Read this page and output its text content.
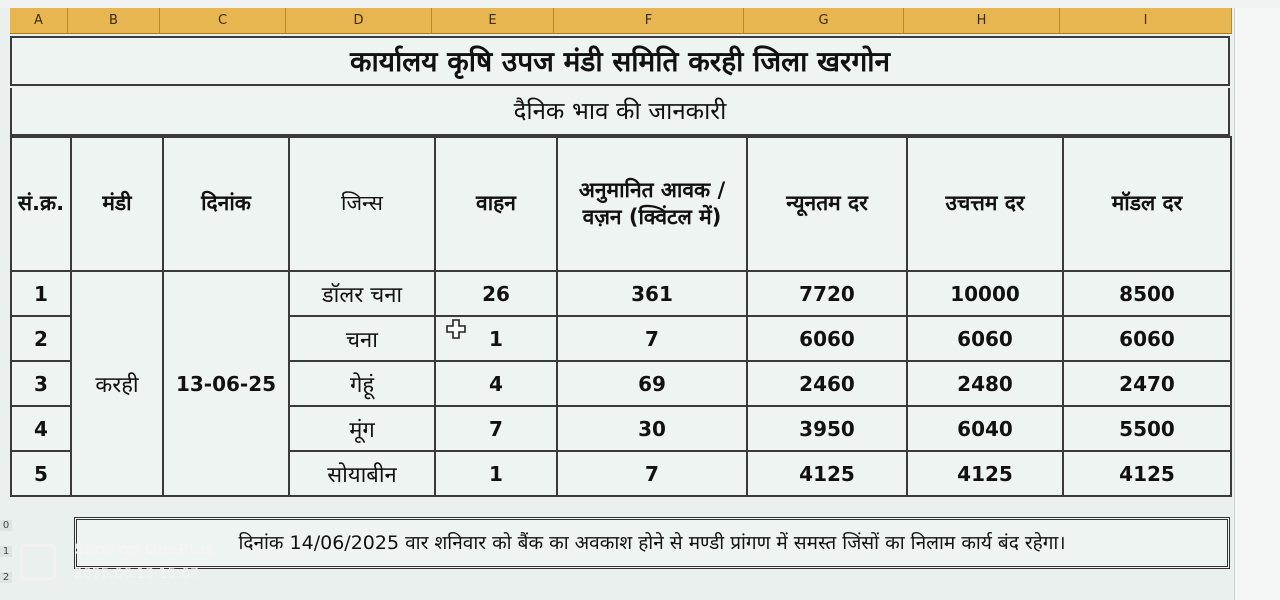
A	B	C	D	E	F	G	H	I
कार्यालय कृषि उपज मंडी समिति करही जिला खरगोन
दैनिक भाव की जानकारी
सं.क्र.	मंडी	दिनांक	जिन्स	वाहन	अनुमानित आवक / वज़न (क्विंटल में)	न्यूनतम दर	उचत्तम दर	मॉडल दर
1	करही	13-06-25	डॉलर चना	26	361	7720	10000	8500
2			चना	1	7	6060	6060	6060
3			गेहूं	4	69	2460	2480	2470
4			मूंग	7	30	3950	6040	5500
5			सोयाबीन	1	7	4125	4125	4125
0
1
2
दिनांक 14/06/2025 वार शनिवार को बैंक का अवकाश होने से मण्डी प्रांगण में समस्त जिंसों का निलाम कार्य बंद रहेगा।
Shot on OnePlus
2025.06.13 15:07
